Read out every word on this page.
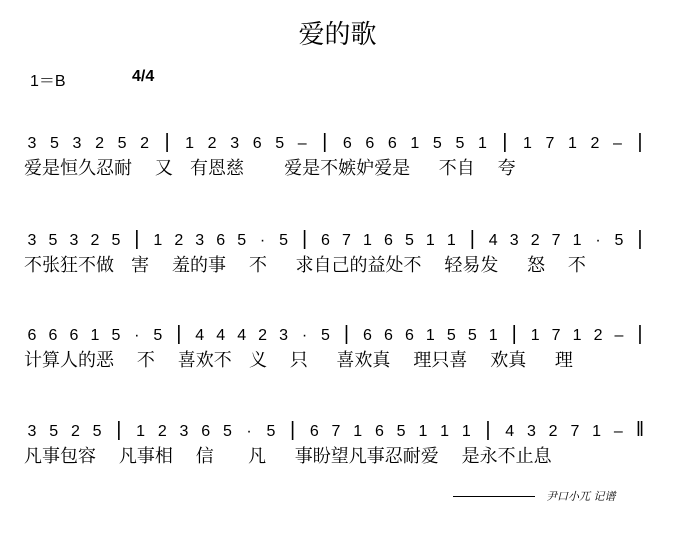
爱的歌
1＝B	4/4
3 5 3 2 5 2 | 1 2 3 6 5 – | 6 6 6 1 5 5 1 | 1 7 1 2 – |
爱是恒久忍耐    又   有恩慈       爱是不嫉妒爱是     不自    夸
3 5 3 2 5 | 1 2 3 6 5 · 5 | 6 7 1 6 5 1 1 | 4 3 2 7 1 · 5 |
不张狂不做   害    羞的事    不     求自己的益处不    轻易发     怒    不
6 6 6 1 5 · 5 | 4 4 4 2 3 · 5 | 6 6 6 1 5 5 1 | 1 7 1 2 – |
计算人的恶    不    喜欢不   义    只     喜欢真    理只喜    欢真     理
3 5 2 5 | 1 2 3 6 5 · 5 | 6 7 1 6 5 1 1 1 | 4 3 2 7 1 – ‖
凡事包容    凡事相    信      凡     事盼望凡事忍耐爱    是永不止息
尹口小兀 记谱
